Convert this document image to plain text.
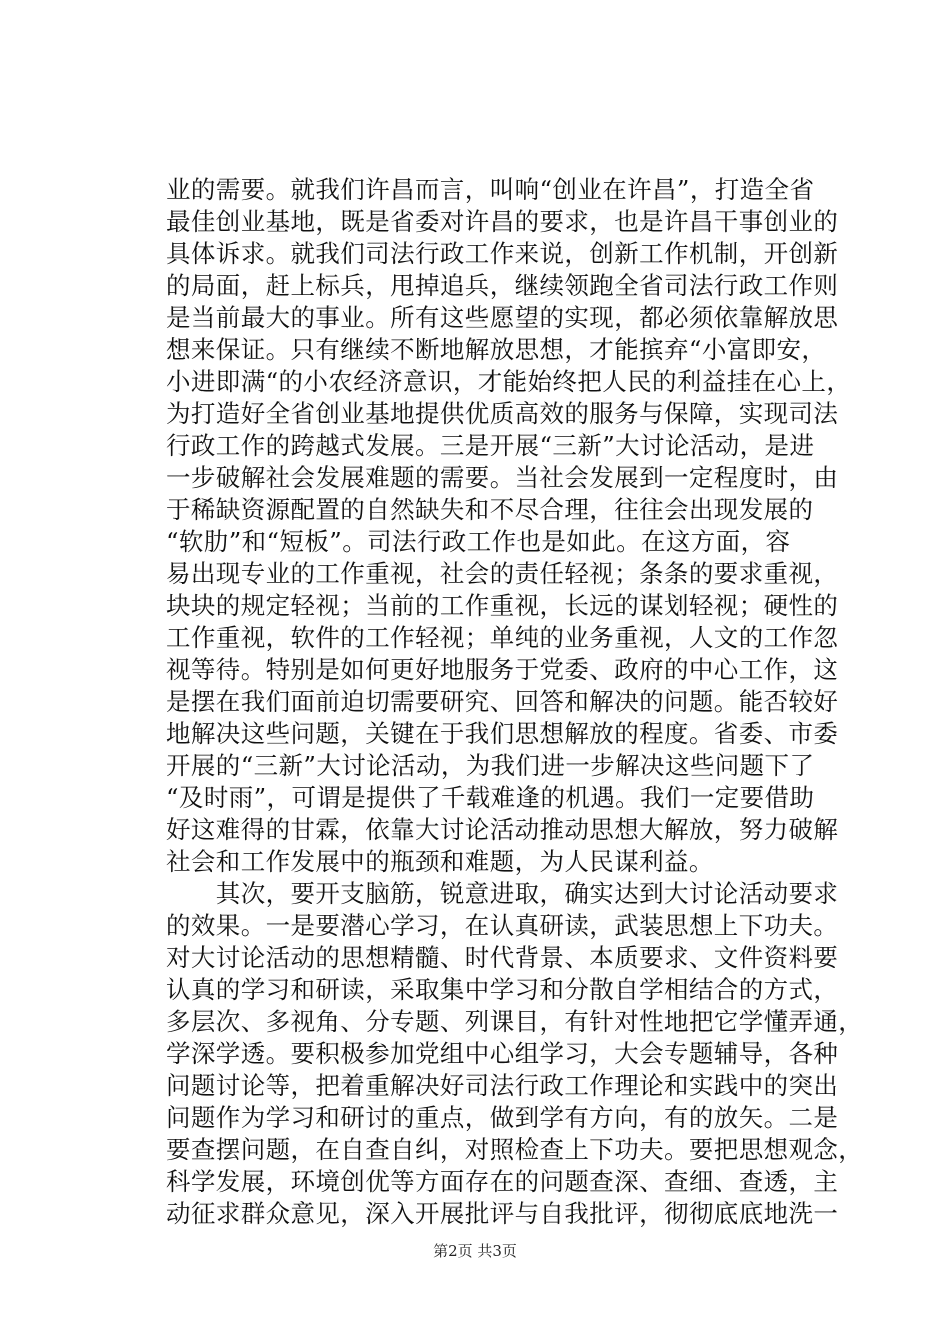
业的需要。就我们许昌而言，叫响“创业在许昌”，打造全省
最佳创业基地，既是省委对许昌的要求，也是许昌干事创业的
具体诉求。就我们司法行政工作来说，创新工作机制，开创新
的局面，赶上标兵，甩掉追兵，继续领跑全省司法行政工作则
是当前最大的事业。所有这些愿望的实现，都必须依靠解放思
想来保证。只有继续不断地解放思想，才能摈弃“小富即安，
小进即满“的小农经济意识，才能始终把人民的利益挂在心上，
为打造好全省创业基地提供优质高效的服务与保障，实现司法
行政工作的跨越式发展。三是开展“三新”大讨论活动，是进
一步破解社会发展难题的需要。当社会发展到一定程度时，由
于稀缺资源配置的自然缺失和不尽合理，往往会出现发展的
“软肋”和“短板”。司法行政工作也是如此。在这方面，容
易出现专业的工作重视，社会的责任轻视；条条的要求重视，
块块的规定轻视；当前的工作重视，长远的谋划轻视；硬性的
工作重视，软件的工作轻视；单纯的业务重视，人文的工作忽
视等待。特别是如何更好地服务于党委、政府的中心工作，这
是摆在我们面前迫切需要研究、回答和解决的问题。能否较好
地解决这些问题，关键在于我们思想解放的程度。省委、市委
开展的“三新”大讨论活动，为我们进一步解决这些问题下了
“及时雨”，可谓是提供了千载难逢的机遇。我们一定要借助
好这难得的甘霖，依靠大讨论活动推动思想大解放，努力破解
社会和工作发展中的瓶颈和难题，为人民谋利益。
　　其次，要开支脑筋，锐意进取，确实达到大讨论活动要求
的效果。一是要潜心学习，在认真研读，武装思想上下功夫。
对大讨论活动的思想精髓、时代背景、本质要求、文件资料要
认真的学习和研读，采取集中学习和分散自学相结合的方式，
多层次、多视角、分专题、列课目，有针对性地把它学懂弄通，
学深学透。要积极参加党组中心组学习，大会专题辅导，各种
问题讨论等，把着重解决好司法行政工作理论和实践中的突出
问题作为学习和研讨的重点，做到学有方向，有的放矢。二是
要查摆问题，在自查自纠，对照检查上下功夫。要把思想观念，
科学发展，环境创优等方面存在的问题查深、查细、查透，主
动征求群众意见，深入开展批评与自我批评，彻彻底底地洗一
第2页 共3页
